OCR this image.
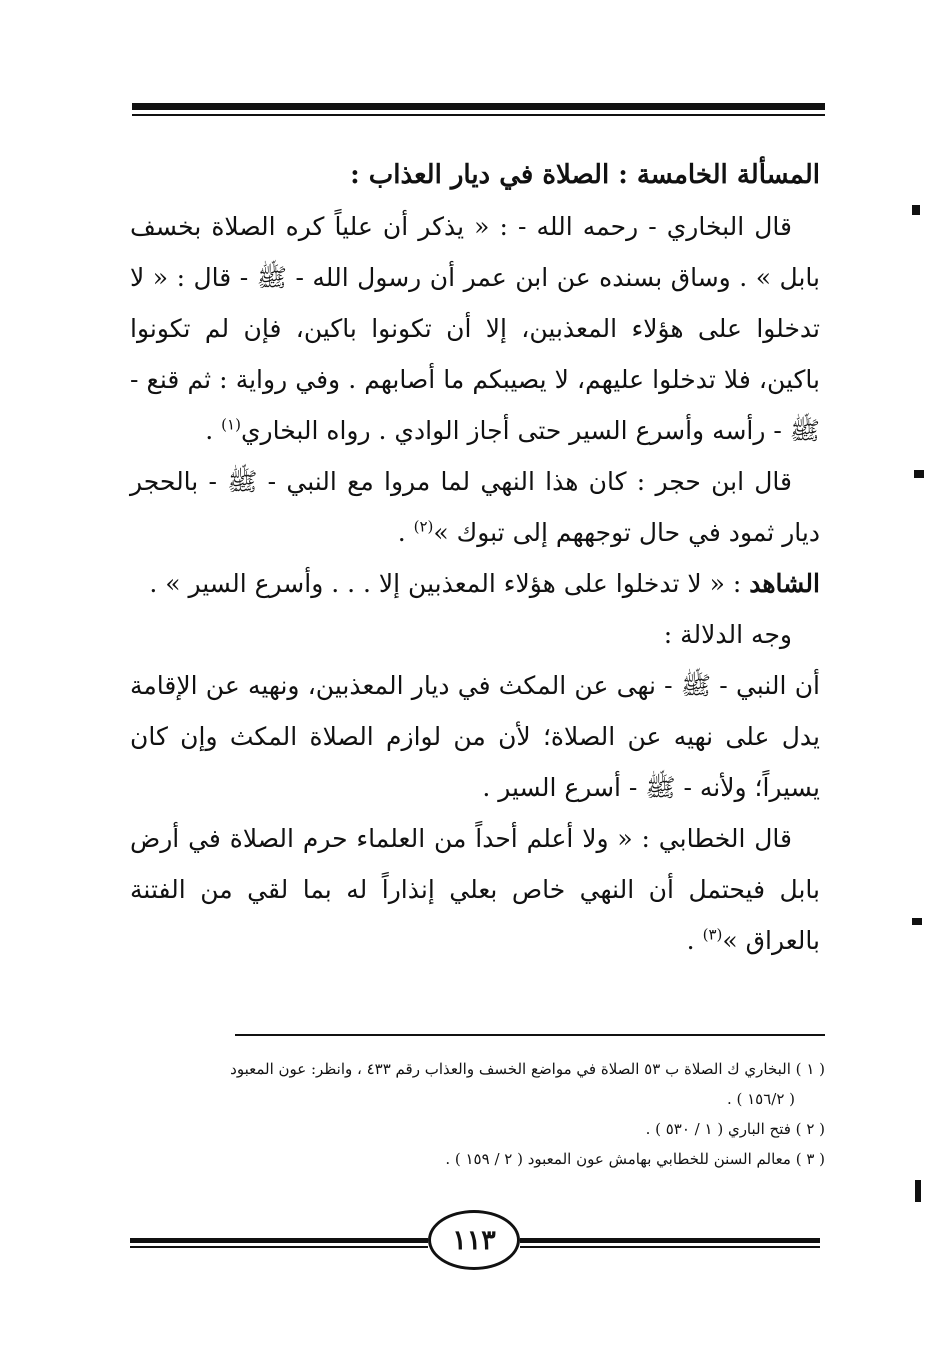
المسألة الخامسة : الصلاة في ديار العذاب :

قال البخاري - رحمه الله - : « يذكر أن علياً كره الصلاة بخسف بابل » . وساق بسنده عن ابن عمر أن رسول الله - ﷺ - قال : « لا تدخلوا على هؤلاء المعذبين، إلا أن تكونوا باكين، فإن لم تكونوا باكين، فلا تدخلوا عليهم، لا يصيبكم ما أصابهم . وفي رواية : ثم قنع - ﷺ - رأسه وأسرع السير حتى أجاز الوادي . رواه البخاري$^{(١)}$ .

قال ابن حجر : كان هذا النهي لما مروا مع النبي - ﷺ - بالحجر ديار ثمود في حال توجههم إلى تبوك »$^{(٢)}$ .

الشاهد : « لا تدخلوا على هؤلاء المعذبين إلا . . . وأسرع السير » .

وجه الدلالة :

أن النبي - ﷺ - نهى عن المكث في ديار المعذبين، ونهيه عن الإقامة يدل على نهيه عن الصلاة؛ لأن من لوازم الصلاة المكث وإن كان يسيراً؛ ولأنه - ﷺ - أسرع السير .

قال الخطابي : « ولا أعلم أحداً من العلماء حرم الصلاة في أرض بابل فيحتمل أن النهي خاص بعلي إنذاراً له بما لقي من الفتنة بالعراق »$^{(٣)}$ .

( ١ ) البخاري ك الصلاة ب ٥٣ الصلاة في مواضع الخسف والعذاب رقم ٤٣٣ ، وانظر: عون المعبود

( ١٥٦/٢ ) .

( ٢ ) فتح الباري ( ١ / ٥٣٠ ) .

( ٣ ) معالم السنن للخطابي بهامش عون المعبود ( ٢ / ١٥٩ ) .

١١٣
